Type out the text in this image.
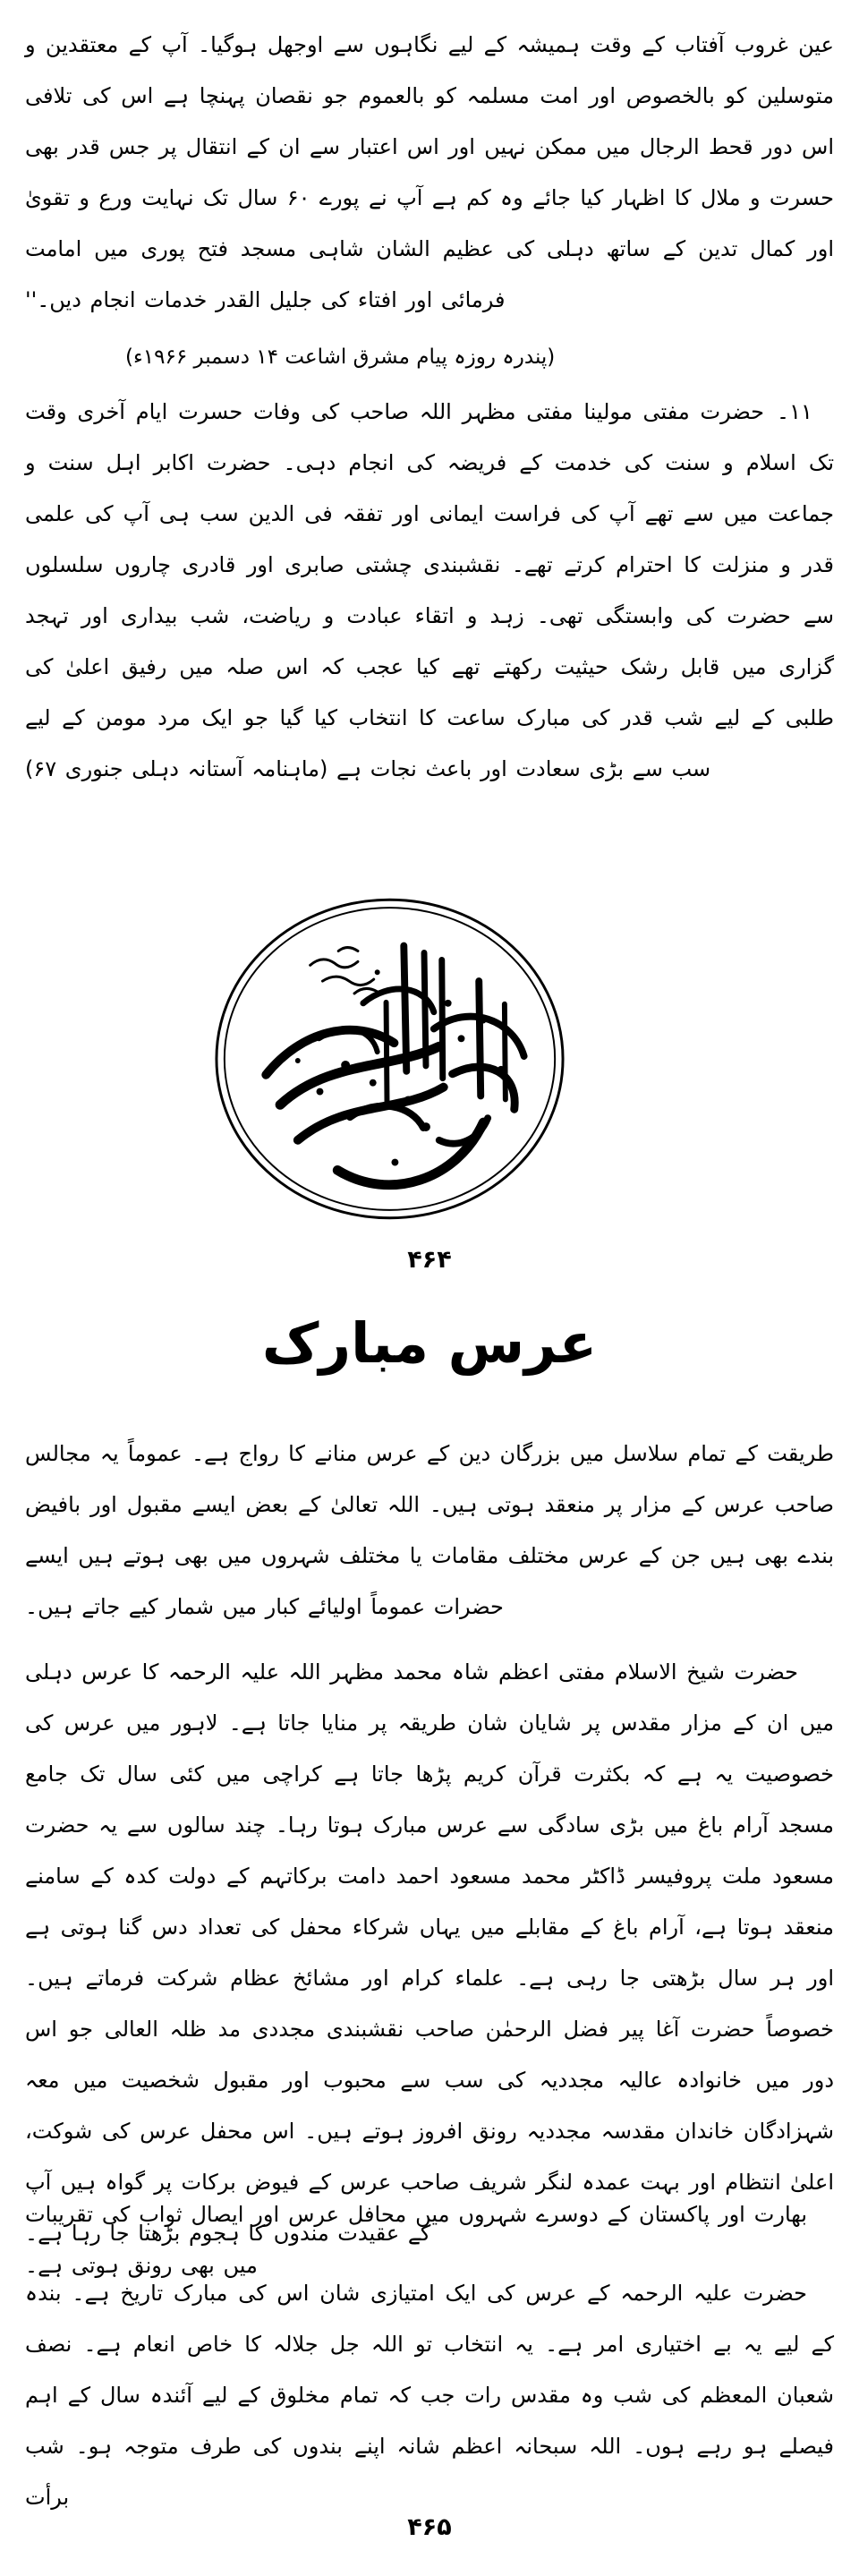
عین غروب آفتاب کے وقت ہمیشہ کے لیے نگاہوں سے اوجھل ہوگیا۔ آپ کے معتقدین و متوسلین کو بالخصوص اور امت مسلمہ کو بالعموم جو نقصان پہنچا ہے اس کی تلافی اس دور قحط الرجال میں ممکن نہیں اور اس اعتبار سے ان کے انتقال پر جس قدر بھی حسرت و ملال کا اظہار کیا جائے وہ کم ہے آپ نے پورے ۶۰ سال تک نہایت ورع و تقویٰ اور کمال تدین کے ساتھ دہلی کی عظیم الشان شاہی مسجد فتح پوری میں امامت فرمائی اور افتاء کی جلیل القدر خدمات انجام دیں۔''
(پندرہ روزہ پیام مشرق اشاعت ۱۴ دسمبر ۱۹۶۶ء)
۱۱۔
حضرت مفتی مولینا مفتی مظہر اللہ صاحب کی وفات حسرت ایام آخری وقت تک اسلام و سنت کی خدمت کے فریضہ کی انجام دہی۔ حضرت اکابر اہل سنت و جماعت میں سے تھے آپ کی فراست ایمانی اور تفقہ فی الدین سب ہی آپ کی علمی قدر و منزلت کا احترام کرتے تھے۔ نقشبندی چشتی صابری اور قادری چاروں سلسلوں سے حضرت کی وابستگی تھی۔ زہد و اتقاء عبادت و ریاضت، شب بیداری اور تہجد گزاری میں قابل رشک حیثیت رکھتے تھے کیا عجب کہ اس صلہ میں رفیق اعلیٰ کی طلبی کے لیے شب قدر کی مبارک ساعت کا انتخاب کیا گیا جو ایک مرد مومن کے لیے سب سے بڑی سعادت اور باعث نجات ہے (ماہنامہ آستانہ دہلی جنوری ۶۷)
۴۶۴
عرس مبارک
طریقت کے تمام سلاسل میں بزرگان دین کے عرس منانے کا رواج ہے۔ عموماً یہ مجالس صاحب عرس کے مزار پر منعقد ہوتی ہیں۔ اللہ تعالیٰ کے بعض ایسے مقبول اور بافیض بندے بھی ہیں جن کے عرس مختلف مقامات یا مختلف شہروں میں بھی ہوتے ہیں ایسے حضرات عموماً اولیائے کبار میں شمار کیے جاتے ہیں۔
حضرت شیخ الاسلام مفتی اعظم شاہ محمد مظہر اللہ علیہ الرحمہ کا عرس دہلی میں ان کے مزار مقدس پر شایان شان طریقہ پر منایا جاتا ہے۔ لاہور میں عرس کی خصوصیت یہ ہے کہ بکثرت قرآن کریم پڑھا جاتا ہے کراچی میں کئی سال تک جامع مسجد آرام باغ میں بڑی سادگی سے عرس مبارک ہوتا رہا۔ چند سالوں سے یہ حضرت مسعود ملت پروفیسر ڈاکٹر محمد مسعود احمد دامت برکاتہم کے دولت کدہ کے سامنے منعقد ہوتا ہے، آرام باغ کے مقابلے میں یہاں شرکاء محفل کی تعداد دس گنا ہوتی ہے اور ہر سال بڑھتی جا رہی ہے۔ علماء کرام اور مشائخ عظام شرکت فرماتے ہیں۔ خصوصاً حضرت آغا پیر فضل الرحمٰن صاحب نقشبندی مجددی مد ظلہ العالی جو اس دور میں خانوادہ عالیہ مجددیہ کی سب سے محبوب اور مقبول شخصیت میں معہ شہزادگان خاندان مقدسہ مجددیہ رونق افروز ہوتے ہیں۔ اس محفل عرس کی شوکت، اعلیٰ انتظام اور بہت عمدہ لنگر شریف صاحب عرس کے فیوض برکات پر گواہ ہیں آپ کے عقیدت مندوں کا ہجوم بڑھتا جا رہا ہے۔
بھارت اور پاکستان کے دوسرے شہروں میں محافل عرس اور ایصال ثواب کی تقریبات میں بھی رونق ہوتی ہے۔
حضرت علیہ الرحمہ کے عرس کی ایک امتیازی شان اس کی مبارک تاریخ ہے۔ بندہ کے لیے یہ بے اختیاری امر ہے۔ یہ انتخاب تو اللہ جل جلالہ کا خاص انعام ہے۔ نصف شعبان المعظم کی شب وہ مقدس رات جب کہ تمام مخلوق کے لیے آئندہ سال کے اہم فیصلے ہو رہے ہوں۔ اللہ سبحانہ اعظم شانہ اپنے بندوں کی طرف متوجہ ہو۔ شب برأت
۴۶۵
